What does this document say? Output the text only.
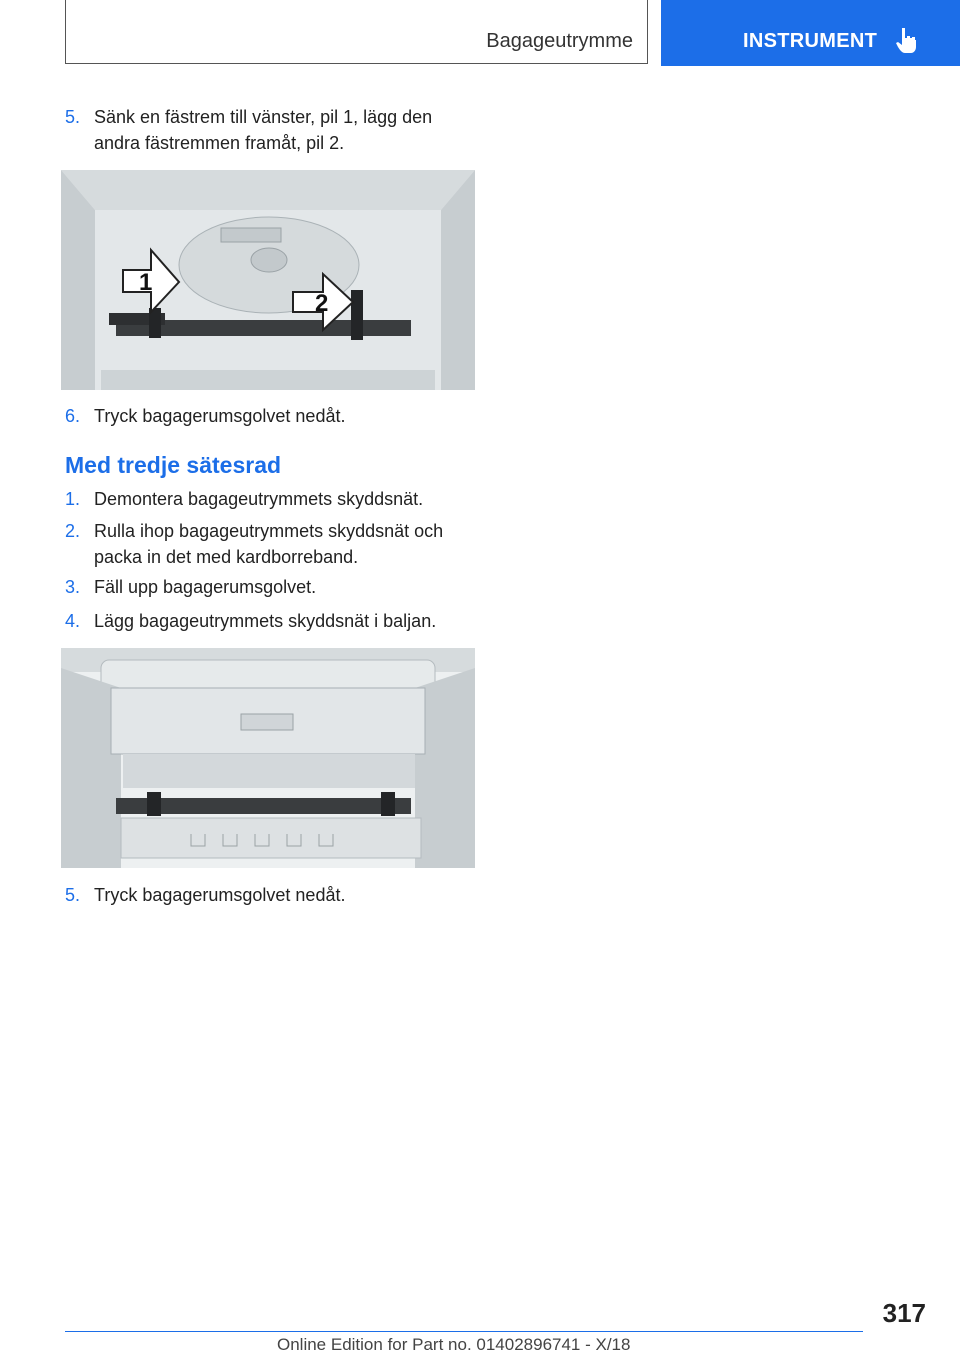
Bagageutrymme	INSTRUMENT
5. Sänk en fästrem till vänster, pil 1, lägg den andra fästremmen framåt, pil 2.
1
2
6. Tryck bagagerumsgolvet nedåt.
Med tredje sätesrad
1. Demontera bagageutrymmets skyddsnät.
2. Rulla ihop bagageutrymmets skyddsnät och packa in det med kardborreband.
3. Fäll upp bagagerumsgolvet.
4. Lägg bagageutrymmets skyddsnät i baljan.
5. Tryck bagagerumsgolvet nedåt.
317
Online Edition for Part no. 01402896741 - X/18
